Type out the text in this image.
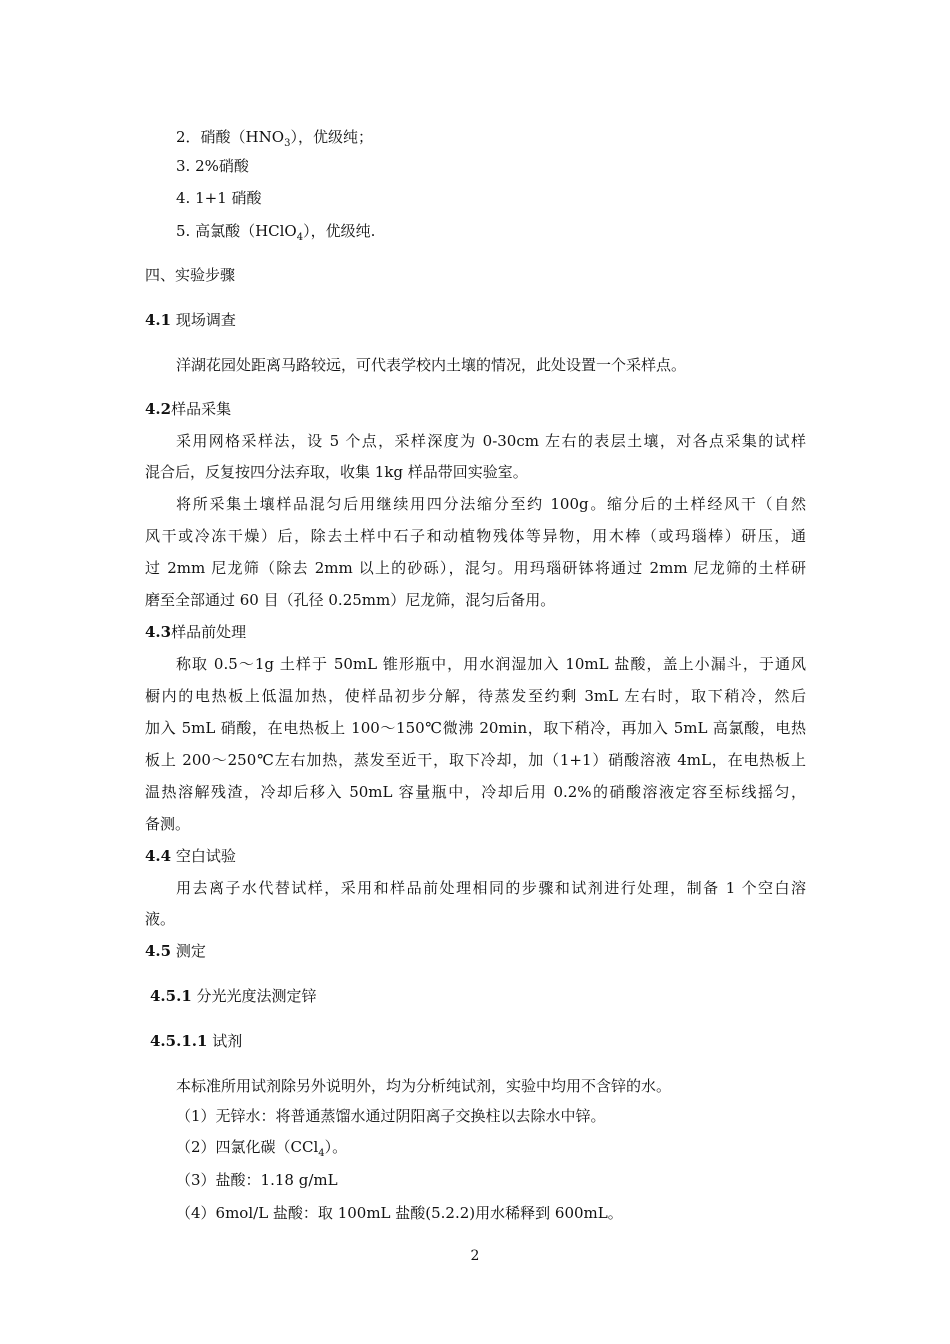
2．硝酸$(HNO_3)$，优级纯；
3. 2%硝酸
4. 1+1 硝酸
5. 高氯酸（HClO$_4$），优级纯.
四、实验步骤
4.1 现场调查
洋湖花园处距离马路较远，可代表学校内土壤的情况，此处设置一个采样点。
4.2样品采集
采用网格采样法，设 5 个点，采样深度为 0-30cm 左右的表层土壤，对各点采集的试样
混合后，反复按四分法弃取，收集 1kg 样品带回实验室。
将所采集土壤样品混匀后用继续用四分法缩分至约 100g。缩分后的土样经风干（自然
风干或冷冻干燥）后，除去土样中石子和动植物残体等异物，用木棒（或玛瑙棒）研压，通
过 2mm 尼龙筛（除去 2mm 以上的砂砾），混匀。用玛瑙研钵将通过 2mm 尼龙筛的土样研
磨至全部通过 60 目（孔径 0.25mm）尼龙筛，混匀后备用。
4.3样品前处理
称取 0.5～1g 土样于 50mL 锥形瓶中，用水润湿加入 10mL 盐酸，盖上小漏斗，于通风
橱内的电热板上低温加热，使样品初步分解，待蒸发至约剩 3mL 左右时，取下稍冷，然后
加入 5mL 硝酸，在电热板上 100～150℃微沸 20min，取下稍冷，再加入 5mL 高氯酸，电热
板上 200～250℃左右加热，蒸发至近干，取下冷却，加（1+1）硝酸溶液 4mL，在电热板上
温热溶解残渣，冷却后移入 50mL 容量瓶中，冷却后用 0.2%的硝酸溶液定容至标线摇匀，
备测。
4.4 空白试验
用去离子水代替试样，采用和样品前处理相同的步骤和试剂进行处理，制备 1 个空白溶
液。
4.5 测定
4.5.1 分光光度法测定锌
4.5.1.1 试剂
本标准所用试剂除另外说明外，均为分析纯试剂，实验中均用不含锌的水。
（1）无锌水：将普通蒸馏水通过阴阳离子交换柱以去除水中锌。
（2）四氯化碳（CCl$_4$）。
（3）盐酸：1.18 g/mL
（4）6mol/L 盐酸：取 100mL 盐酸(5.2.2)用水稀释到 600mL。
2
